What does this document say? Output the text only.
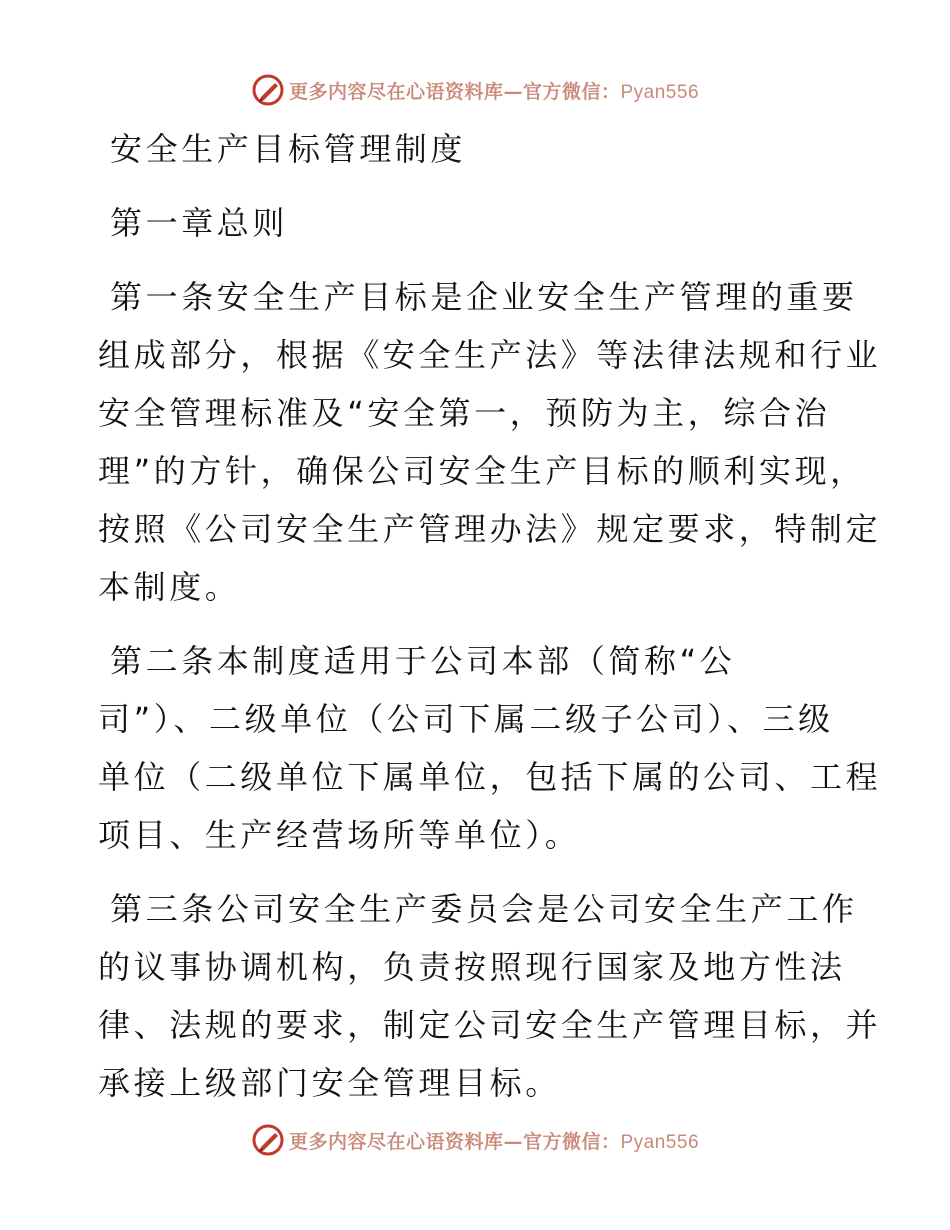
更多内容尽在心语资料库—官方微信：Pyan556
安全生产目标管理制度
第一章总则
第一条安全生产目标是企业安全生产管理的重要
组成部分，根据《安全生产法》等法律法规和行业
安全管理标准及“安全第一，预防为主，综合治
理”的方针，确保公司安全生产目标的顺利实现，
按照《公司安全生产管理办法》规定要求，特制定
本制度。
第二条本制度适用于公司本部（简称“公
司”）、二级单位（公司下属二级子公司）、三级
单位（二级单位下属单位，包括下属的公司、工程
项目、生产经营场所等单位）。
第三条公司安全生产委员会是公司安全生产工作
的议事协调机构，负责按照现行国家及地方性法
律、法规的要求，制定公司安全生产管理目标，并
承接上级部门安全管理目标。
更多内容尽在心语资料库—官方微信：Pyan556
